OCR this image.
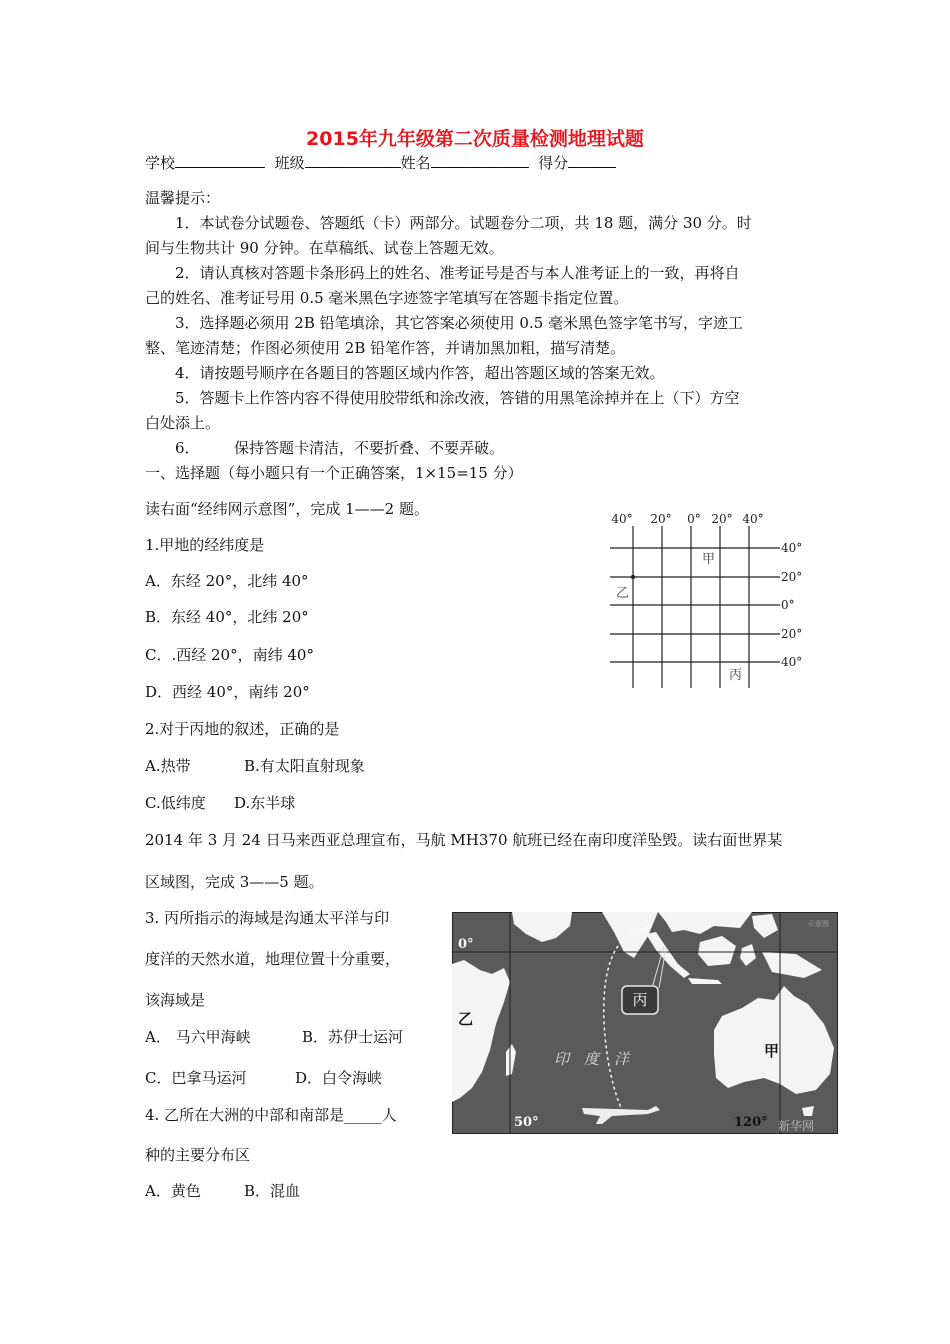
2015年九年级第二次质量检测地理试题
学校	班级	姓名	得分
温馨提示：
1．本试卷分试题卷、答题纸（卡）两部分。试题卷分二项，共 18 题，满分 30 分。时
间与生物共计 90 分钟。在草稿纸、试卷上答题无效。
2．请认真核对答题卡条形码上的姓名、准考证号是否与本人准考证上的一致，再将自
己的姓名、准考证号用 0.5 毫米黑色字迹签字笔填写在答题卡指定位置。
3．选择题必须用 2B 铅笔填涂，其它答案必须使用 0.5 毫米黑色签字笔书写，字迹工
整、笔迹清楚；作图必须使用 2B 铅笔作答，并请加黑加粗，描写清楚。
4．请按题号顺序在各题目的答题区域内作答，超出答题区域的答案无效。
5．答题卡上作答内容不得使用胶带纸和涂改液，答错的用黑笔涂掉并在上（下）方空
白处添上。
6． 保持答题卡清洁，不要折叠、不要弄破。
一、选择题（每小题只有一个正确答案，1×15=15 分）
读右面“经纬网示意图”，完成 1——2 题。
1.甲地的经纬度是
A．东经 20°，北纬 40°
B．东经 40°，北纬 20°
C．.西经 20°，南纬 40°
D．西经 40°，南纬 20°
2.对于丙地的叙述，正确的是
A.热带	B.有太阳直射现象
C.低纬度 D.东半球
2014 年 3 月 24 日马来西亚总理宣布，马航 MH370 航班已经在南印度洋坠毁。读右面世界某
区域图，完成 3——5 题。
3. 丙所指示的海域是沟通太平洋与印
度洋的天然水道，地理位置十分重要，
该海域是
A． 马六甲海峡	B．苏伊士运河
C．巴拿马运河	D．白令海峡
4. 乙所在大洲的中部和南部是_____人
种的主要分布区
A．黄色	B．混血
40° 20° 0° 20° 40°
40°
20°
0°
20°
40°
甲
乙
丙
丙
0°
乙
50°	120°
甲
印　度　洋
新华网
示意图
